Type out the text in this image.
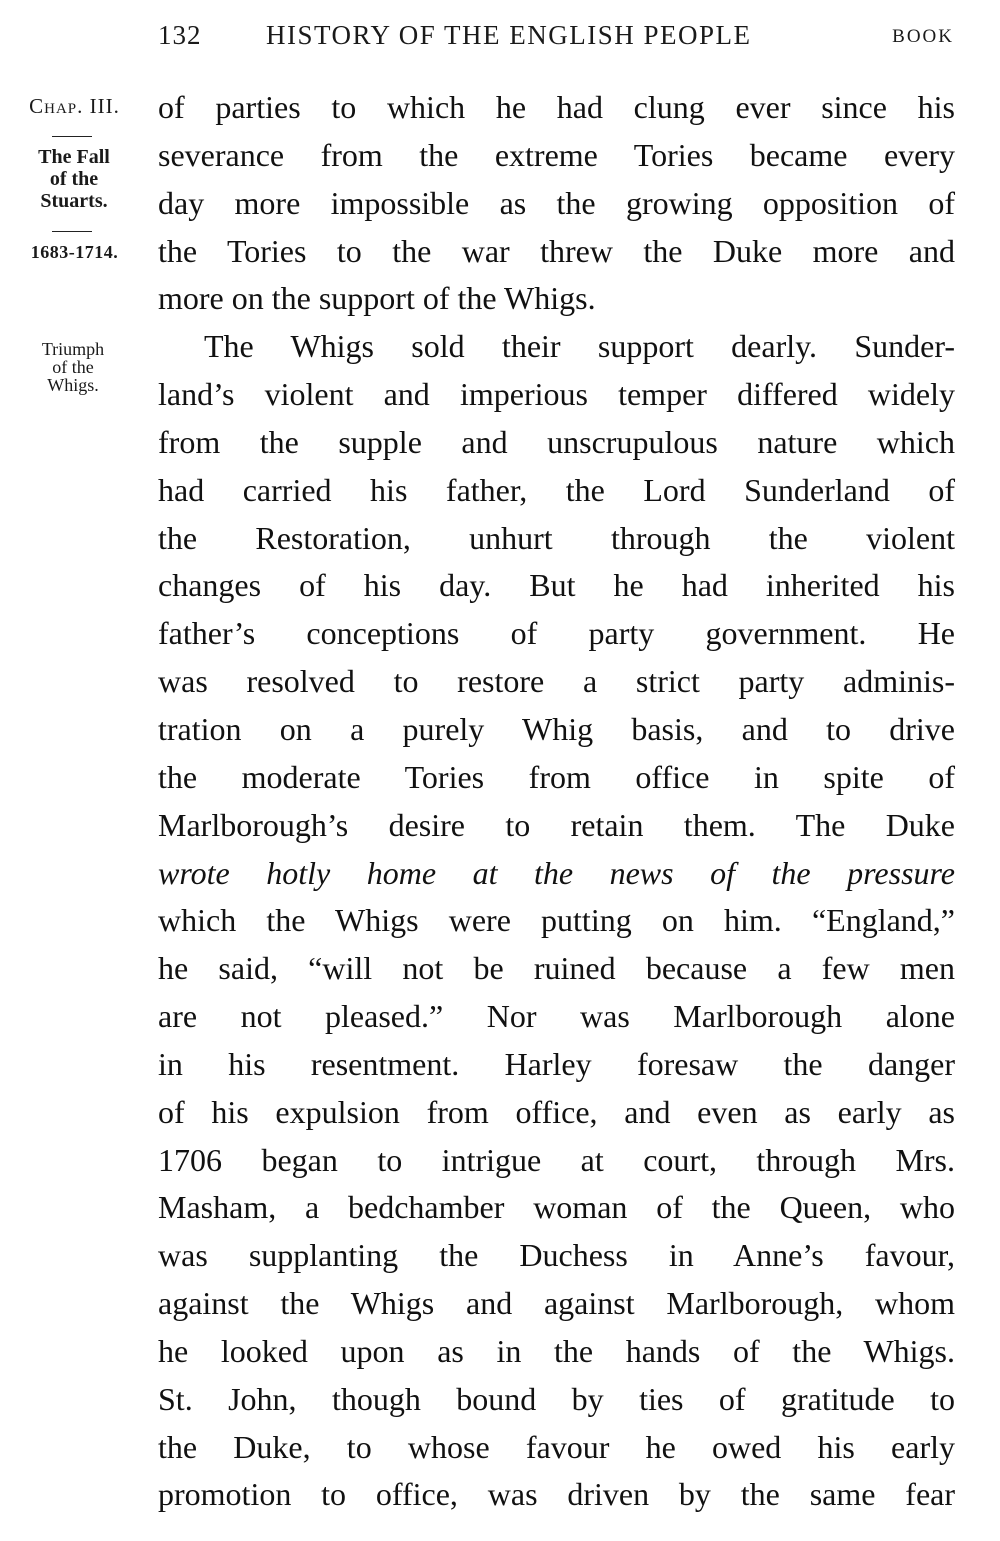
132 HISTORY OF THE ENGLISH PEOPLE	BOOK
Chap. III.
The Fall
of the
Stuarts.
1683-1714.
Triumph
of the
Whigs.
of parties to which he had clung ever since his
severance from the extreme Tories became every
day more impossible as the growing opposition of
the Tories to the war threw the Duke more and
more on the support of the Whigs.
The Whigs sold their support dearly. Sunder-
land’s violent and imperious temper differed widely
from the supple and unscrupulous nature which
had carried his father, the Lord Sunderland of
the Restoration, unhurt through the violent
changes of his day. But he had inherited his
father’s conceptions of party government. He
was resolved to restore a strict party adminis-
tration on a purely Whig basis, and to drive
the moderate Tories from office in spite of
Marlborough’s desire to retain them. The Duke
wrote hotly home at the news of the pressure
which the Whigs were putting on him. “England,”
he said, “will not be ruined because a few men
are not pleased.” Nor was Marlborough alone
in his resentment. Harley foresaw the danger
of his expulsion from office, and even as early as
1706 began to intrigue at court, through Mrs.
Masham, a bedchamber woman of the Queen, who
was supplanting the Duchess in Anne’s favour,
against the Whigs and against Marlborough, whom
he looked upon as in the hands of the Whigs.
St. John, though bound by ties of gratitude to
the Duke, to whose favour he owed his early
promotion to office, was driven by the same fear
